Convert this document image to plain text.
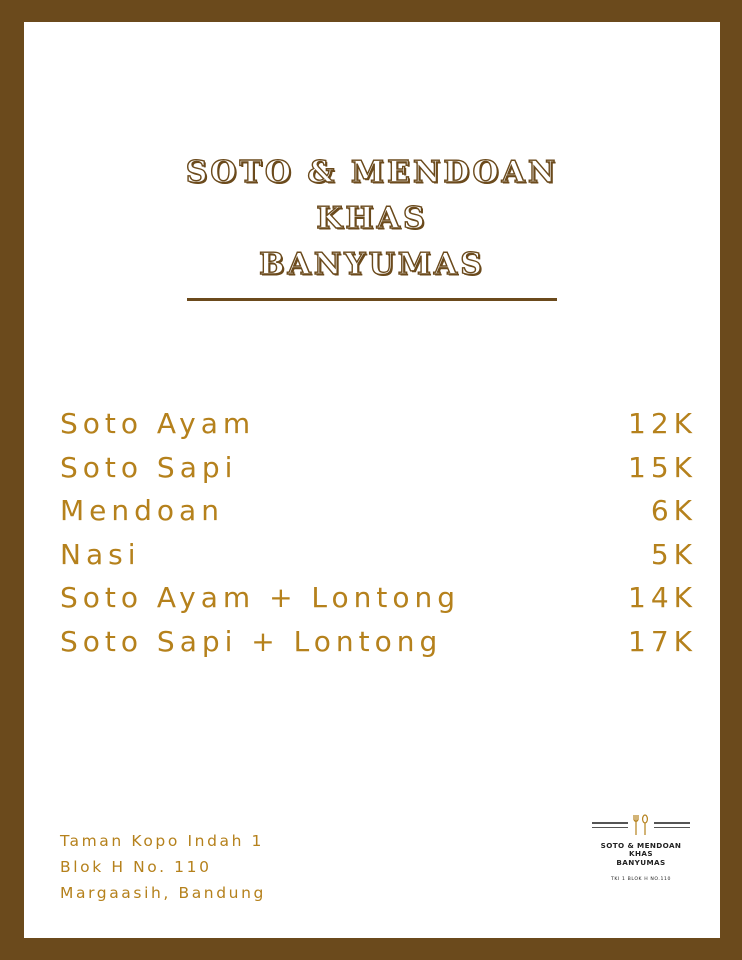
SOTO & MENDOAN
KHAS
BANYUMAS
Soto Ayam	12K
Soto Sapi	15K
Mendoan	6K
Nasi	5K
Soto Ayam + Lontong	14K
Soto Sapi + Lontong	17K
Taman Kopo Indah 1
Blok H No. 110
Margaasih, Bandung
SOTO & MENDOAN
KHAS
BANYUMAS
TKI 1 BLOK H NO.110
